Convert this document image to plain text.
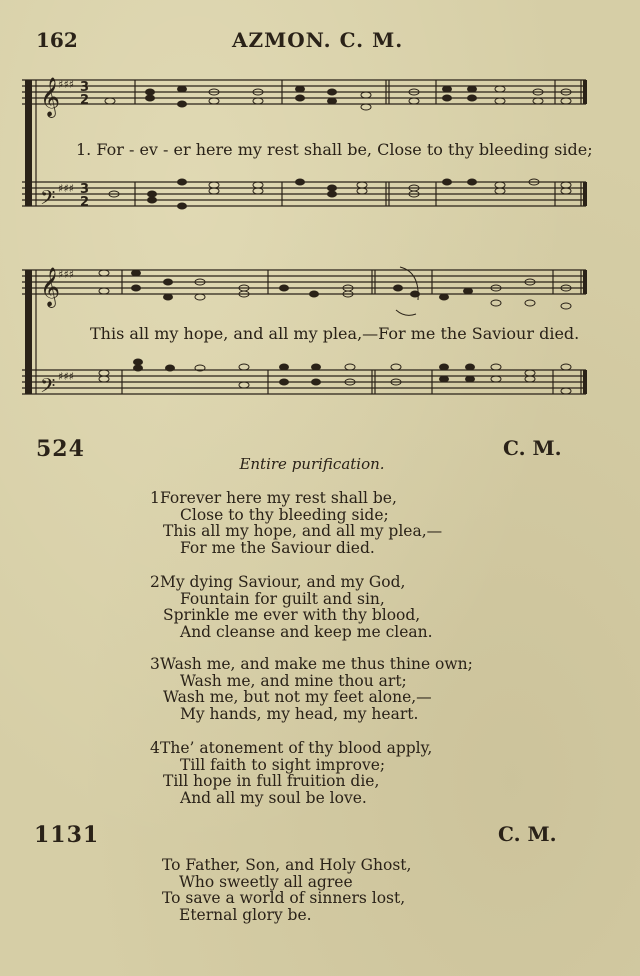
162	AZMON. C. M.
𝄞
𝄢
𝄞
𝄢
♯♯♯
♯♯♯
♯♯♯
♯♯♯
3
2
3
2
1. For - ev - er here my rest shall be, Close to thy bleeding side;
This all my hope, and all my plea,—For me the Saviour died.
524	C. M.
Entire purification.
1Forever here my rest shall be,
Close to thy bleeding side;
This all my hope, and all my plea,—
For me the Saviour died.
2My dying Saviour, and my God,
Fountain for guilt and sin,
Sprinkle me ever with thy blood,
And cleanse and keep me clean.
3Wash me, and make me thus thine own;
Wash me, and mine thou art;
Wash me, but not my feet alone,—
My hands, my head, my heart.
4The’ atonement of thy blood apply,
Till faith to sight improve;
Till hope in full fruition die,
And all my soul be love.
1131	C. M.
To Father, Son, and Holy Ghost,
Who sweetly all agree
To save a world of sinners lost,
Eternal glory be.
